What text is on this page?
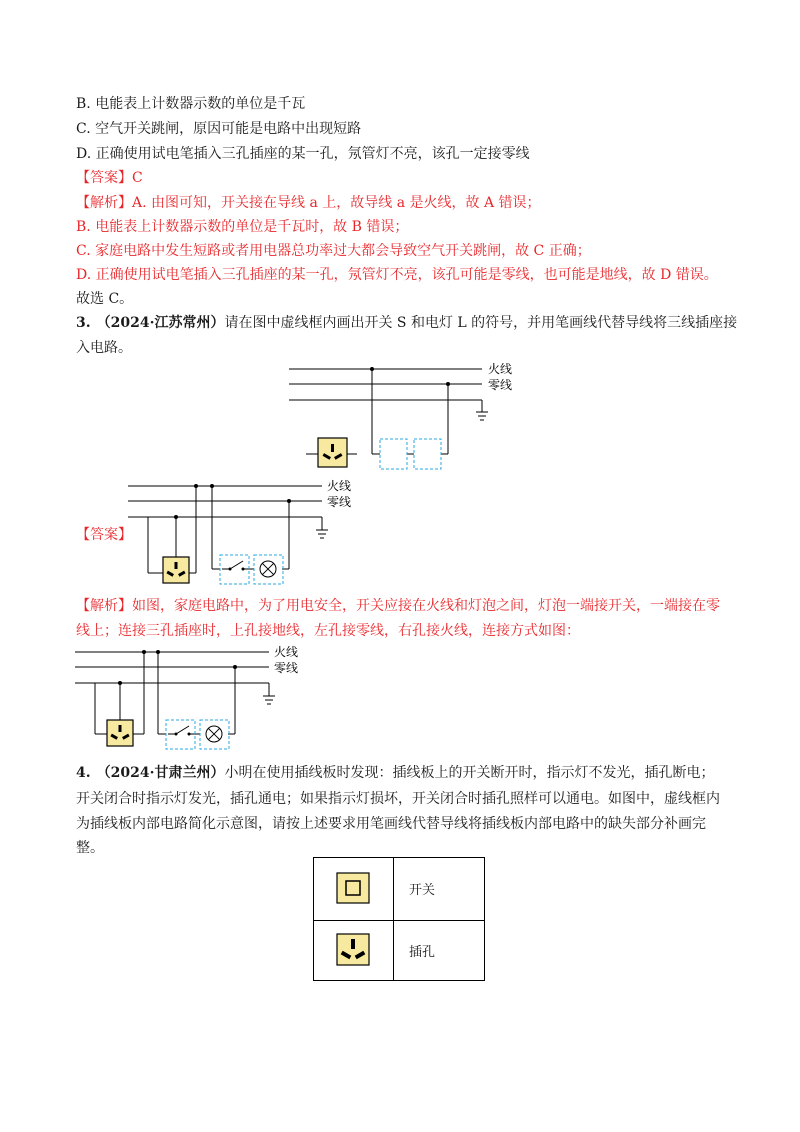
B. 电能表上计数器示数的单位是千瓦
C. 空气开关跳闸，原因可能是电路中出现短路
D. 正确使用试电笔插入三孔插座的某一孔，氖管灯不亮，该孔一定接零线
【答案】C
【解析】A. 由图可知，开关接在导线 a 上，故导线 a 是火线，故 A 错误；
B. 电能表上计数器示数的单位是千瓦时，故 B 错误；
C. 家庭电路中发生短路或者用电器总功率过大都会导致空气开关跳闸，故 C 正确；
D. 正确使用试电笔插入三孔插座的某一孔，氖管灯不亮，该孔可能是零线，也可能是地线，故 D 错误。
故选 C。
3. （2024·江苏常州）请在图中虚线框内画出开关 S 和电灯 L 的符号，并用笔画线代替导线将三线插座接
入电路。
火线
零线
【答案】
火线
零线
【解析】如图，家庭电路中，为了用电安全，开关应接在火线和灯泡之间，灯泡一端接开关，一端接在零
线上；连接三孔插座时，上孔接地线，左孔接零线，右孔接火线，连接方式如图：
火线
零线
4. （2024·甘肃兰州）小明在使用插线板时发现：插线板上的开关断开时，指示灯不发光，插孔断电；
开关闭合时指示灯发光，插孔通电；如果指示灯损坏，开关闭合时插孔照样可以通电。如图中，虚线框内
为插线板内部电路简化示意图，请按上述要求用笔画线代替导线将插线板内部电路中的缺失部分补画完
整。
开关
插孔
